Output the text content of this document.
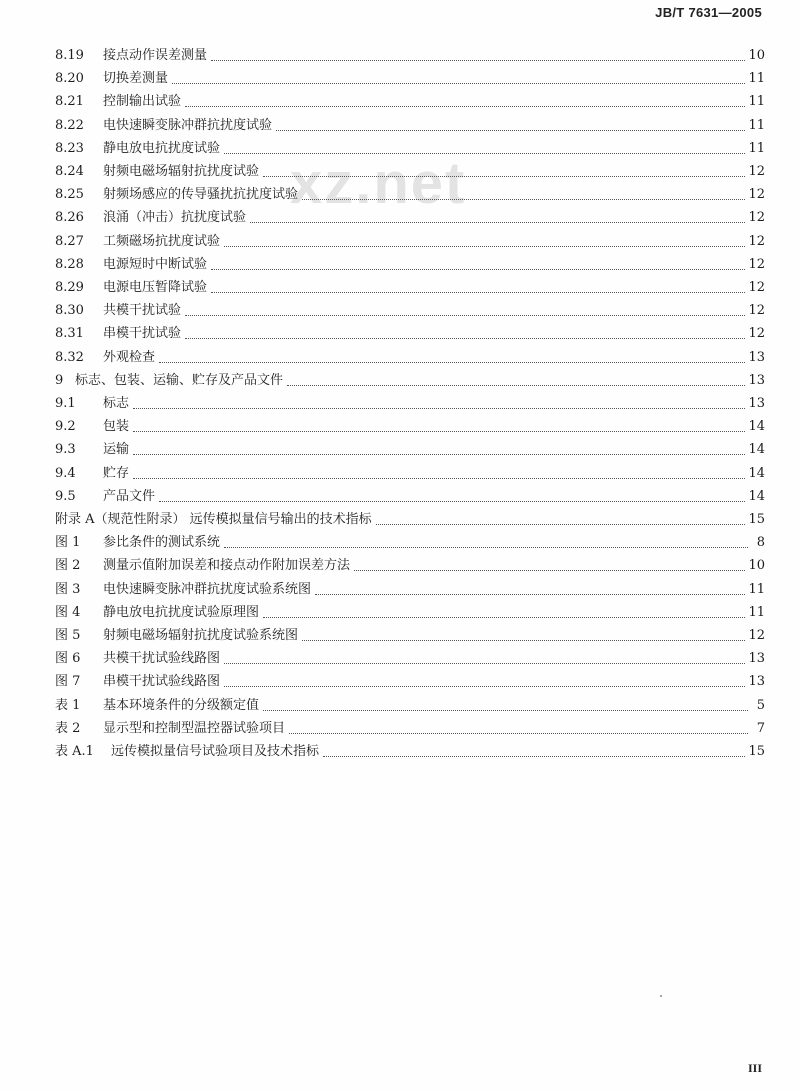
JB/T 7631—2005
xz.net
8.19	接点动作误差测量	10
8.20	切换差测量	11
8.21	控制输出试验	11
8.22	电快速瞬变脉冲群抗扰度试验	11
8.23	静电放电抗扰度试验	11
8.24	射频电磁场辐射抗扰度试验	12
8.25	射频场感应的传导骚扰抗扰度试验	12
8.26	浪涌（冲击）抗扰度试验	12
8.27	工频磁场抗扰度试验	12
8.28	电源短时中断试验	12
8.29	电源电压暂降试验	12
8.30	共模干扰试验	12
8.31	串模干扰试验	12
8.32	外观检查	13
9 标志、包装、运输、贮存及产品文件	13
9.1	标志	13
9.2	包装	14
9.3	运输	14
9.4	贮存	14
9.5	产品文件	14
附录 A（规范性附录） 远传模拟量信号输出的技术指标	15
图 1	参比条件的测试系统	8
图 2	测量示值附加误差和接点动作附加误差方法	10
图 3	电快速瞬变脉冲群抗扰度试验系统图	11
图 4	静电放电抗扰度试验原理图	11
图 5	射频电磁场辐射抗扰度试验系统图	12
图 6	共模干扰试验线路图	13
图 7	串模干扰试验线路图	13
表 1	基本环境条件的分级额定值	5
表 2	显示型和控制型温控器试验项目	7
表 A.1	远传模拟量信号试验项目及技术指标	15
III
